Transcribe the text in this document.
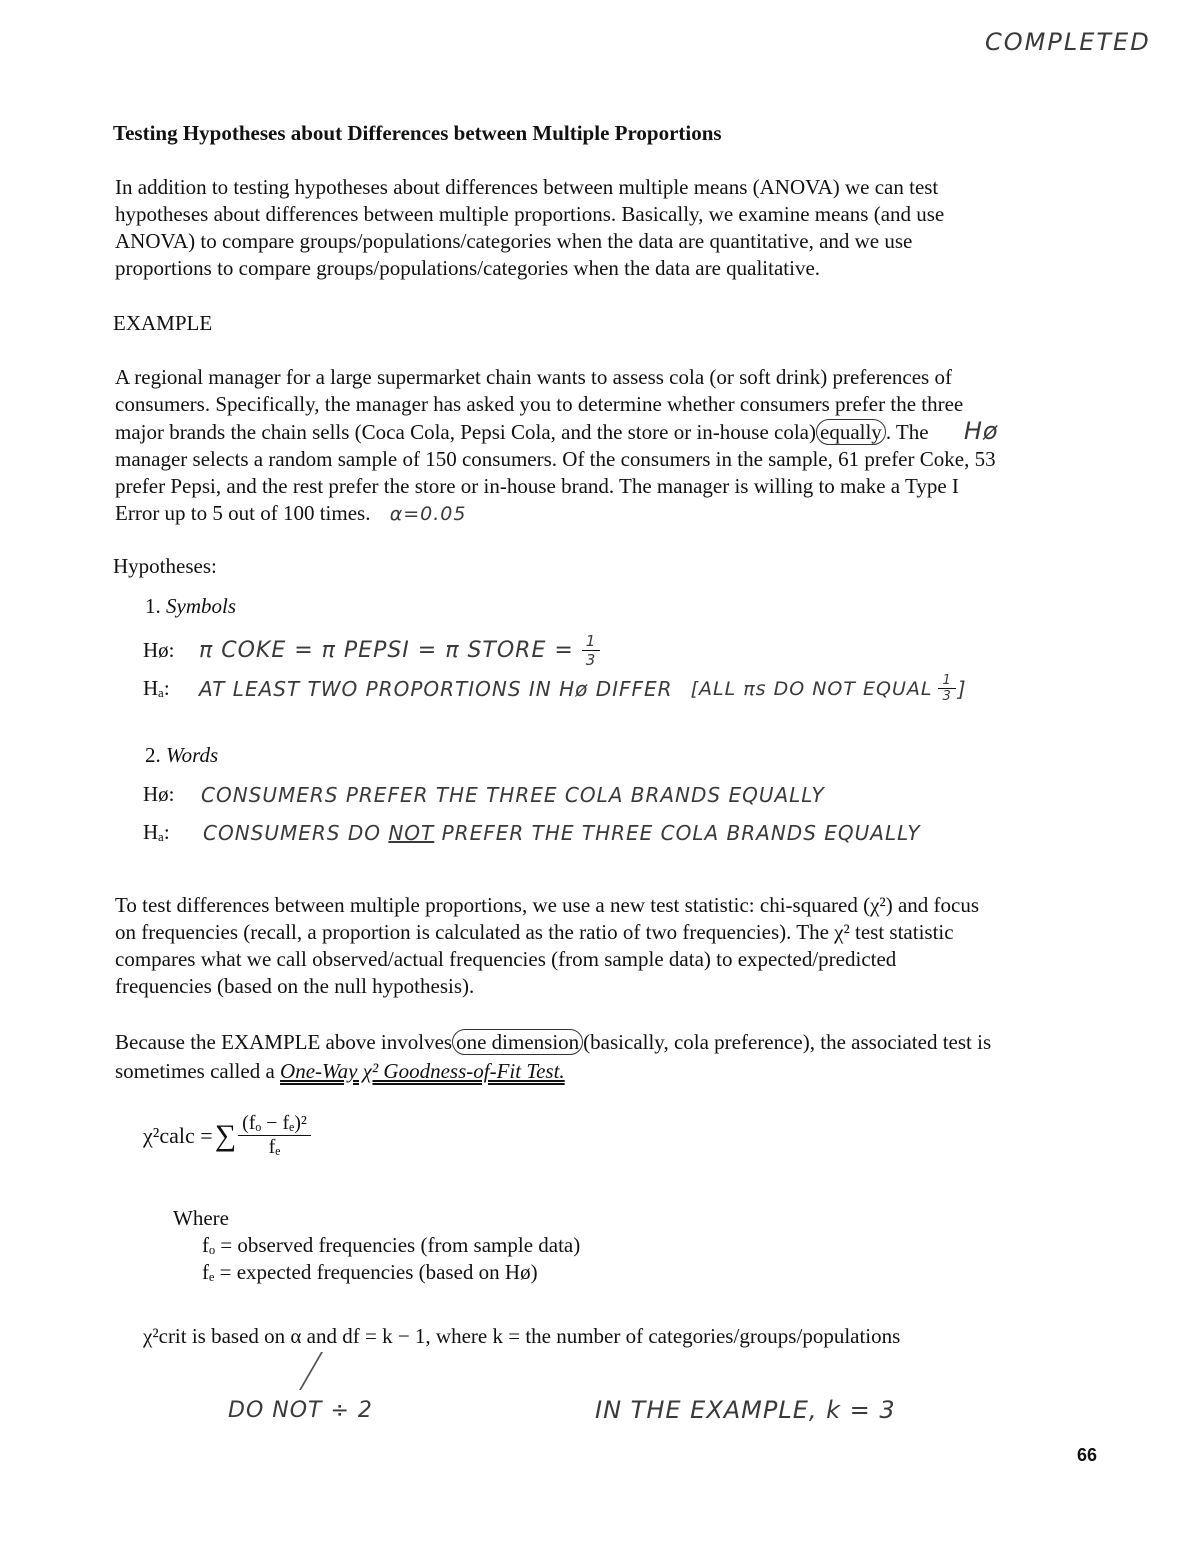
COMPLETED
Testing Hypotheses about Differences between Multiple Proportions
In addition to testing hypotheses about differences between multiple means (ANOVA) we can test
hypotheses about differences between multiple proportions. Basically, we examine means (and use
ANOVA) to compare groups/populations/categories when the data are quantitative, and we use
proportions to compare groups/populations/categories when the data are qualitative.
EXAMPLE
A regional manager for a large supermarket chain wants to assess cola (or soft drink) preferences of
consumers. Specifically, the manager has asked you to determine whether consumers prefer the three
major brands the chain sells (Coca Cola, Pepsi Cola, and the store or in-house cola) equally . The Hø
manager selects a random sample of 150 consumers. Of the consumers in the sample, 61 prefer Coke, 53
prefer Pepsi, and the rest prefer the store or in-house brand. The manager is willing to make a Type I
Error up to 5 out of 100 times. α=0.05
Hypotheses:
1. Symbols
Hø:	π COKE = π PEPSI = π STORE = $\frac{1}{3}$
Hₐ:	AT LEAST TWO PROPORTIONS IN Hø DIFFER [ALL πs DO NOT EQUAL $\frac{1}{3}$ ]
2. Words
Hø:	CONSUMERS PREFER THE THREE COLA BRANDS EQUALLY
Hₐ:	CONSUMERS DO NOT PREFER THE THREE COLA BRANDS EQUALLY
To test differences between multiple proportions, we use a new test statistic: chi-squared (χ²) and focus
on frequencies (recall, a proportion is calculated as the ratio of two frequencies). The χ² test statistic
compares what we call observed/actual frequencies (from sample data) to expected/predicted
frequencies (based on the null hypothesis).
Because the EXAMPLE above involves one dimension (basically, cola preference), the associated test is
sometimes called a One-Way χ² Goodness-of-Fit Test.
χ²calc = ∑ $\frac{\text{(fₒ − fₑ)²}}{\text{fₑ}}$
Where
fₒ = observed frequencies (from sample data)
fₑ = expected frequencies (based on Hø)
χ²crit is based on α and df = k − 1, where k = the number of categories/groups/populations
DO NOT ÷ 2	IN THE EXAMPLE, k = 3
66
